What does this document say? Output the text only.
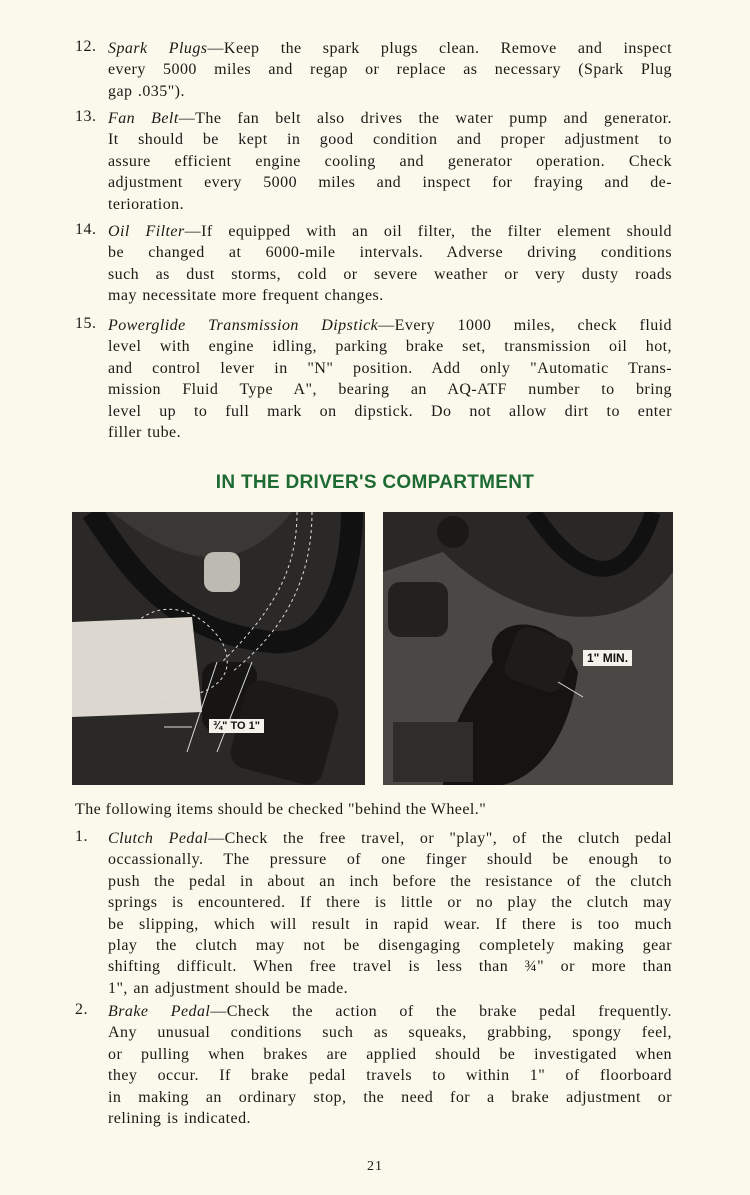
12. Spark Plugs—Keep the spark plugs clean. Remove and inspect
every 5000 miles and regap or replace as necessary (Spark Plug
gap .035").
13. Fan Belt—The fan belt also drives the water pump and generator.
It should be kept in good condition and proper adjustment to
assure efficient engine cooling and generator operation. Check
adjustment every 5000 miles and inspect for fraying and de-
terioration.
14. Oil Filter—If equipped with an oil filter, the filter element should
be changed at 6000-mile intervals. Adverse driving conditions
such as dust storms, cold or severe weather or very dusty roads
may necessitate more frequent changes.
15. Powerglide Transmission Dipstick—Every 1000 miles, check fluid
level with engine idling, parking brake set, transmission oil hot,
and control lever in "N" position. Add only "Automatic Trans-
mission Fluid Type A", bearing an AQ-ATF number to bring
level up to full mark on dipstick. Do not allow dirt to enter
filler tube.
IN THE DRIVER'S COMPARTMENT
¾" TO 1"
1" MIN.
The following items should be checked "behind the Wheel."
1. Clutch Pedal—Check the free travel, or "play", of the clutch pedal
occassionally. The pressure of one finger should be enough to
push the pedal in about an inch before the resistance of the clutch
springs is encountered. If there is little or no play the clutch may
be slipping, which will result in rapid wear. If there is too much
play the clutch may not be disengaging completely making gear
shifting difficult. When free travel is less than ¾" or more than
1", an adjustment should be made.
2. Brake Pedal—Check the action of the brake pedal frequently.
Any unusual conditions such as squeaks, grabbing, spongy feel,
or pulling when brakes are applied should be investigated when
they occur. If brake pedal travels to within 1" of floorboard
in making an ordinary stop, the need for a brake adjustment or
relining is indicated.
21
